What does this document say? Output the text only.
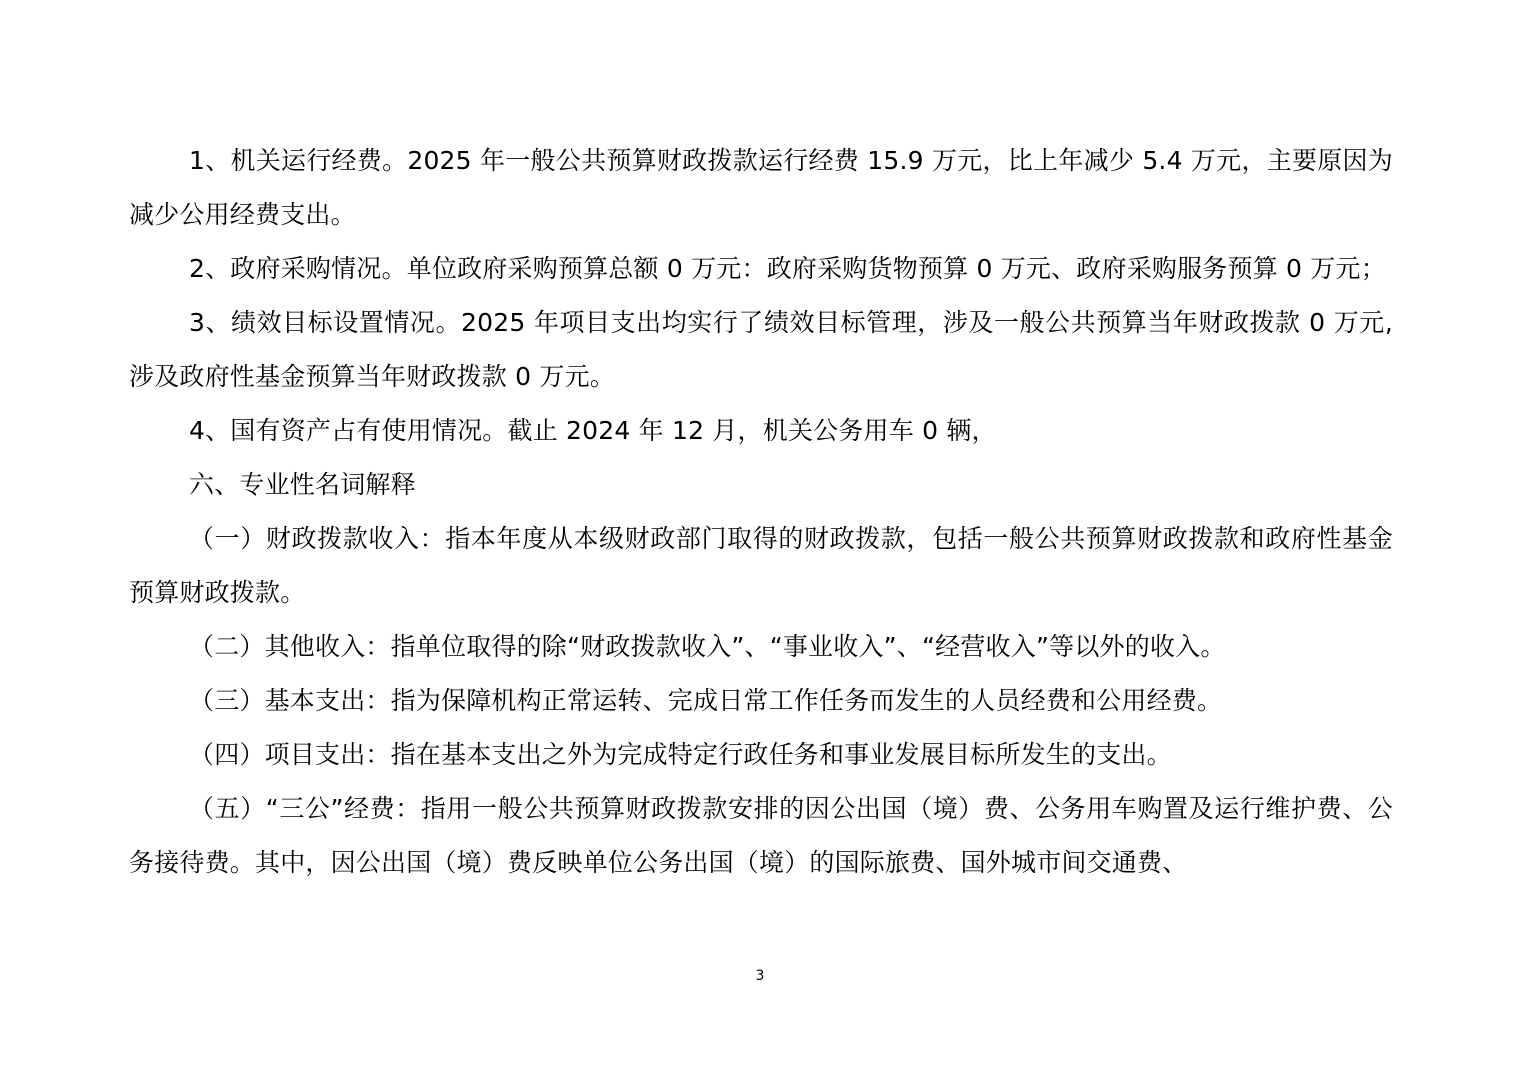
1、机关运行经费。2025 年一般公共预算财政拨款运行经费 15.9 万元，比上年减少 5.4 万元，主要原因为减少公用经费支出。

2、政府采购情况。单位政府采购预算总额 0 万元：政府采购货物预算 0 万元、政府采购服务预算 0 万元；

3、绩效目标设置情况。2025 年项目支出均实行了绩效目标管理，涉及一般公共预算当年财政拨款 0 万元,涉及政府性基金预算当年财政拨款 0 万元。

4、国有资产占有使用情况。截止 2024 年 12 月，机关公务用车 0 辆，

六、专业性名词解释

（一）财政拨款收入：指本年度从本级财政部门取得的财政拨款，包括一般公共预算财政拨款和政府性基金预算财政拨款。

（二）其他收入：指单位取得的除“财政拨款收入”、“事业收入”、“经营收入”等以外的收入。

（三）基本支出：指为保障机构正常运转、完成日常工作任务而发生的人员经费和公用经费。

（四）项目支出：指在基本支出之外为完成特定行政任务和事业发展目标所发生的支出。

（五）“三公”经费：指用一般公共预算财政拨款安排的因公出国（境）费、公务用车购置及运行维护费、公务接待费。其中，因公出国（境）费反映单位公务出国（境）的国际旅费、国外城市间交通费、

3
